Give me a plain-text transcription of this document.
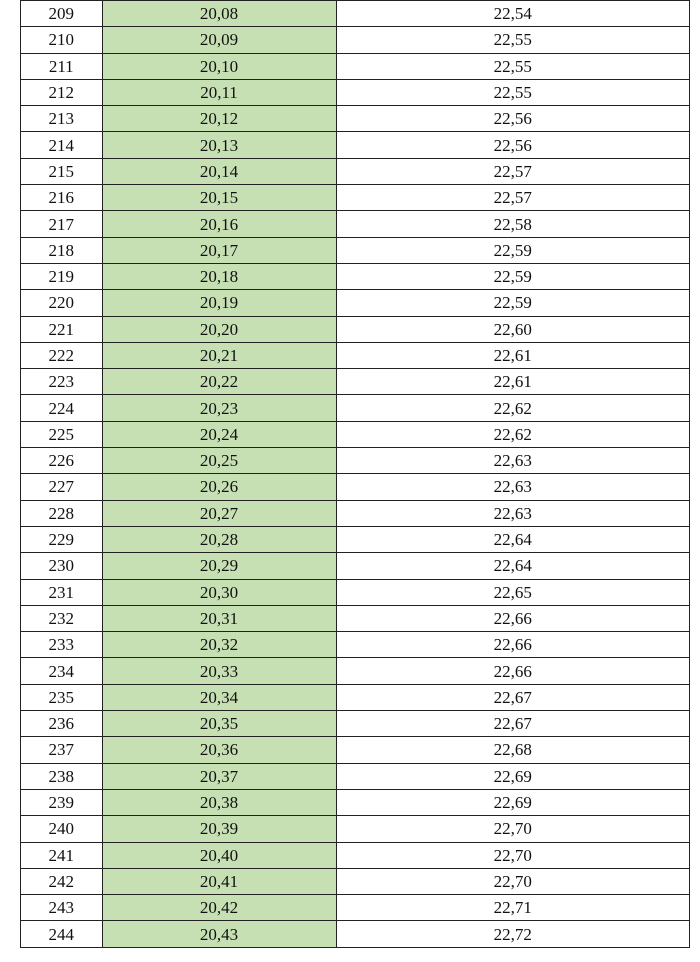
209	20,08	22,54
210	20,09	22,55
211	20,10	22,55
212	20,11	22,55
213	20,12	22,56
214	20,13	22,56
215	20,14	22,57
216	20,15	22,57
217	20,16	22,58
218	20,17	22,59
219	20,18	22,59
220	20,19	22,59
221	20,20	22,60
222	20,21	22,61
223	20,22	22,61
224	20,23	22,62
225	20,24	22,62
226	20,25	22,63
227	20,26	22,63
228	20,27	22,63
229	20,28	22,64
230	20,29	22,64
231	20,30	22,65
232	20,31	22,66
233	20,32	22,66
234	20,33	22,66
235	20,34	22,67
236	20,35	22,67
237	20,36	22,68
238	20,37	22,69
239	20,38	22,69
240	20,39	22,70
241	20,40	22,70
242	20,41	22,70
243	20,42	22,71
244	20,43	22,72
